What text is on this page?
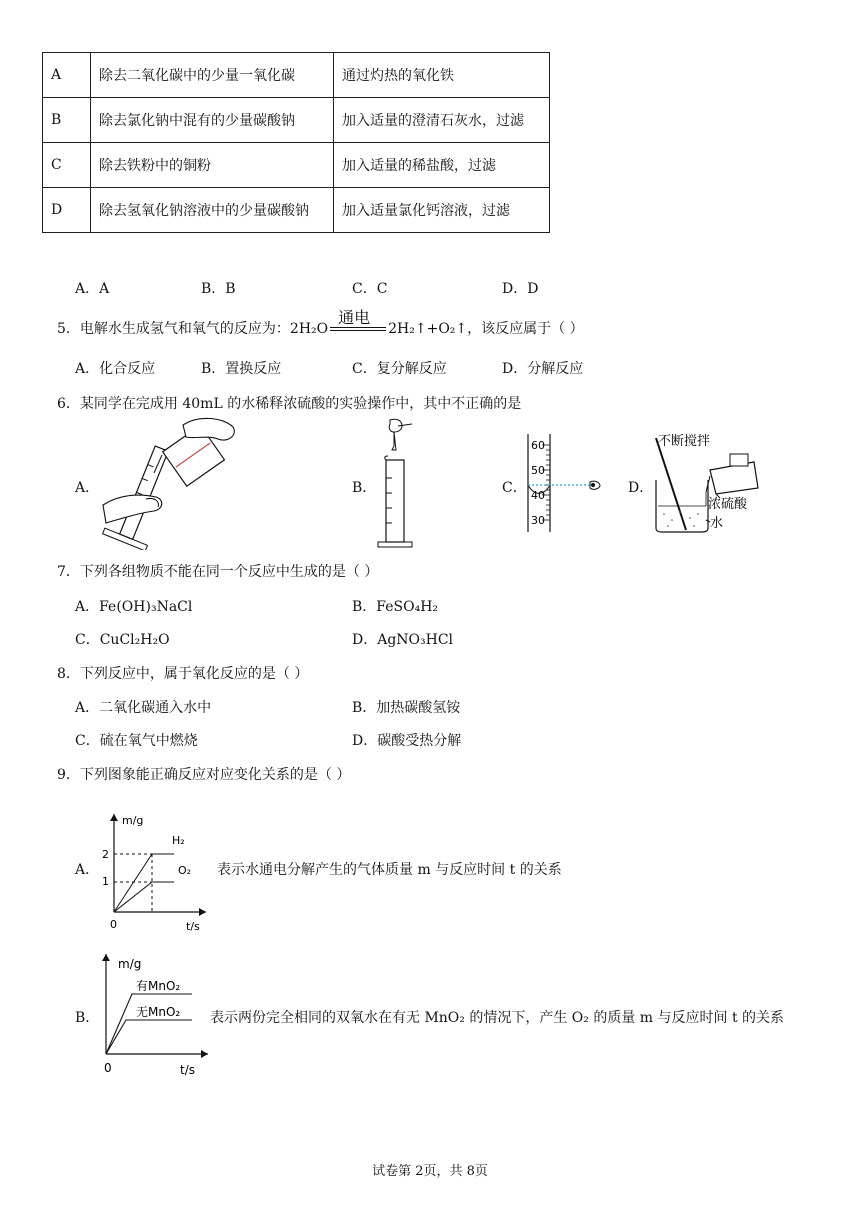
A	除去二氧化碳中的少量一氧化碳	通过灼热的氧化铁
B	除去氯化钠中混有的少量碳酸钠	加入适量的澄清石灰水，过滤
C	除去铁粉中的铜粉	加入适量的稀盐酸，过滤
D	除去氢氧化钠溶液中的少量碳酸钠	加入适量氯化钙溶液，过滤
A．A	B．B	C．C	D．D
5．电解水生成氢气和氧气的反应为：2H₂O
通电
2H₂↑+O₂↑，该反应属于（ ）
A．化合反应	B．置换反应	C．复分解反应	D．分解反应
6．某同学在完成用 40mL 的水稀释浓硫酸的实验操作中，其中不正确的是
A．	B．	C．	D．
60
50
40
30
不断搅拌
浓硫酸
水
7．下列各组物质不能在同一个反应中生成的是（ ）
A．Fe(OH)₃NaCl	B．FeSO₄H₂
C．CuCl₂H₂O	D．AgNO₃HCl
8．下列反应中，属于氧化反应的是（ ）
A．二氧化碳通入水中	B．加热碳酸氢铵
C．硫在氧气中燃烧	D．碳酸受热分解
9．下列图象能正确反应对应变化关系的是（ ）
A．
m/g
t/s
0
2
1
H₂
O₂ 表示水通电分解产生的气体质量 m 与反应时间 t 的关系
B．
m/g
t/s
0
有MnO₂
无MnO₂ 表示两份完全相同的双氧水在有无 MnO₂ 的情况下，产生 O₂ 的质量 m 与反应时间 t 的关系
试卷第 2页，共 8页
